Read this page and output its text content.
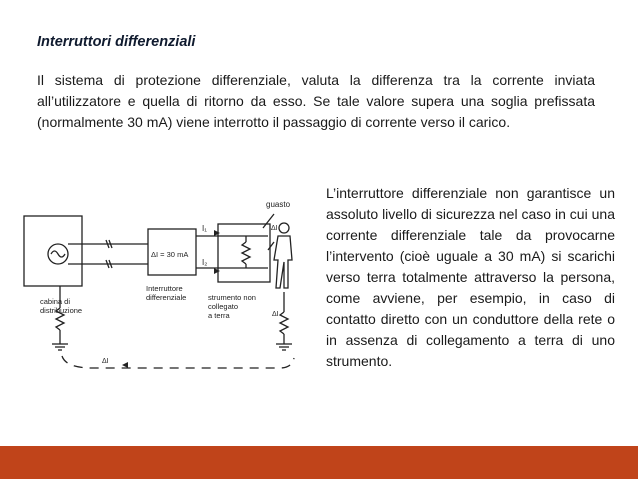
Interruttori differenziali

Il sistema di protezione differenziale, valuta la differenza tra la corrente inviata all’utilizzatore e quella di ritorno da esso. Se tale valore supera una soglia prefissata (normalmente 30 mA) viene interrotto il passaggio di corrente verso il carico.

guasto
I₁
I₂
ΔI = 30 mA
ΔI
ΔI
ΔI
cabina di
distribuzione
Interruttore
differenziale	strumento non
collegato
a terra

L’interruttore differenziale non garantisce un assoluto livello di sicurezza nel caso in cui una corrente differenziale tale da provocarne l’intervento (cioè uguale a 30 mA) si scarichi verso terra totalmente attraverso la persona, come avviene, per esempio, in caso di contatto diretto con un conduttore della rete o in assenza di collegamento a terra di uno strumento.
